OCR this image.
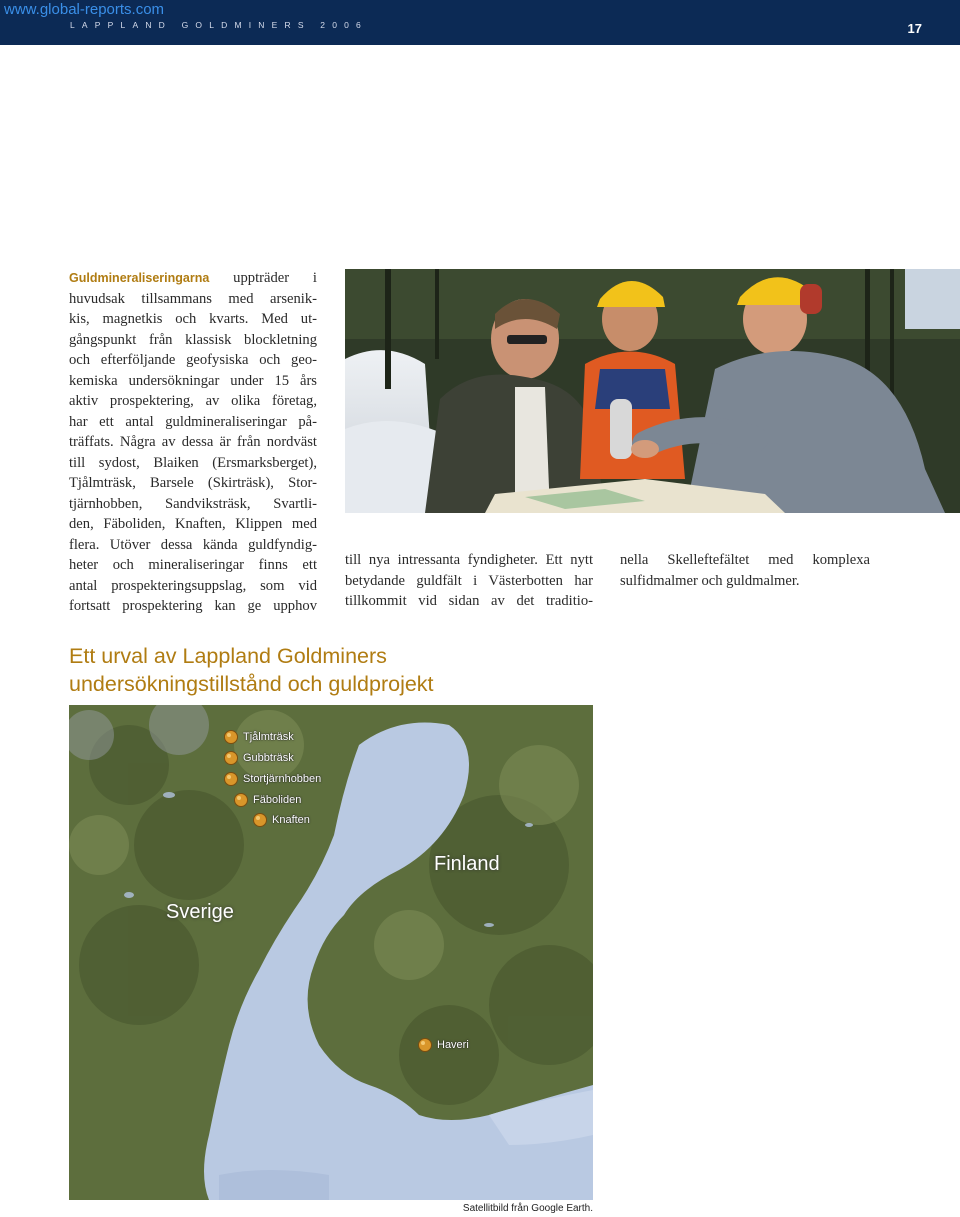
www.global-reports.com
LAPPLAND GOLDMINERS 2006	17
Guldmineraliseringarna uppträder i
huvudsak tillsammans med arsenik-
kis, magnetkis och kvarts. Med ut-
gångspunkt från klassisk blockletning
och efterföljande geofysiska och geo-
kemiska undersökningar under 15 års
aktiv prospektering, av olika företag,
har ett antal guldmineraliseringar på-
träffats. Några av dessa är från nordväst
till sydost, Blaiken (Ersmarksberget),
Tjålmträsk, Barsele (Skirträsk), Stor-
tjärnhobben, Sandviksträsk, Svartli-
den, Fäboliden, Knaften, Klippen med
flera. Utöver dessa kända guldfyndig-
heter och mineraliseringar finns ett
antal prospekteringsuppslag, som vid
fortsatt prospektering kan ge upphov
till nya intressanta fyndigheter. Ett nytt
betydande guldfält i Västerbotten har
tillkommit vid sidan av det traditio-
nella Skelleftefältet med komplexa
sulfidmalmer och guldmalmer.
Ett urval av Lappland Goldminers
undersökningstillstånd och guldprojekt
Tjålmträsk
Gubbträsk
Stortjärnhobben
Fäboliden
Knaften
Haveri
Finland
Sverige
Satellitbild från Google Earth.
